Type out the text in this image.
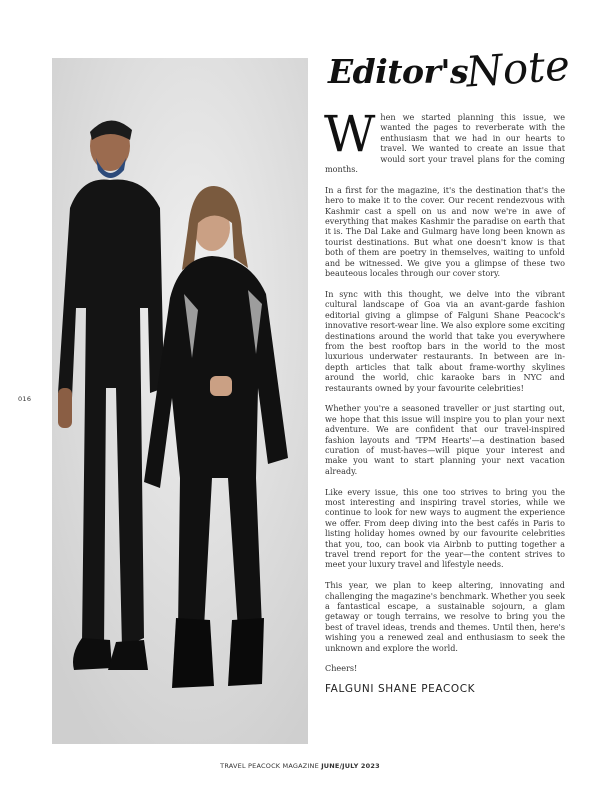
016
Editor's
Note

When we started planning this issue, we wanted the pages to reverberate with the enthusiasm that we had in our hearts to travel. We wanted to create an issue that would sort your travel plans for the coming months.

In a first for the magazine, it's the destination that's the hero to make it to the cover. Our recent rendezvous with Kashmir cast a spell on us and now we're in awe of everything that makes Kashmir the paradise on earth that it is. The Dal Lake and Gulmarg have long been known as tourist destinations. But what one doesn't know is that both of them are poetry in themselves, waiting to unfold and be witnessed. We give you a glimpse of these two beauteous locales through our cover story.

In sync with this thought, we delve into the vibrant cultural landscape of Goa via an avant-garde fashion editorial giving a glimpse of Falguni Shane Peacock's innovative resort-wear line. We also explore some exciting destinations around the world that take you everywhere from the best rooftop bars in the world to the most luxurious underwater restaurants. In between are in-depth articles that talk about frame-worthy skylines around the world, chic karaoke bars in NYC and restaurants owned by your favourite celebrities!

Whether you're a seasoned traveller or just starting out, we hope that this issue will inspire you to plan your next adventure. We are confident that our travel-inspired fashion layouts and 'TPM Hearts'—a destination based curation of must-haves—will pique your interest and make you want to start planning your next vacation already.

Like every issue, this one too strives to bring you the most interesting and inspiring travel stories, while we continue to look for new ways to augment the experience we offer. From deep diving into the best cafés in Paris to listing holiday homes owned by our favourite celebrities that you, too, can book via Airbnb to putting together a travel trend report for the year—the content strives to meet your luxury travel and lifestyle needs.

This year, we plan to keep altering, innovating and challenging the magazine's benchmark. Whether you seek a fantastical escape, a sustainable sojourn, a glam getaway or tough terrains, we resolve to bring you the best of travel ideas, trends and themes. Until then, here's wishing you a renewed zeal and enthusiasm to seek the unknown and explore the world.

Cheers!

FALGUNI SHANE PEACOCK
TRAVEL PEACOCK MAGAZINE JUNE/JULY 2023
